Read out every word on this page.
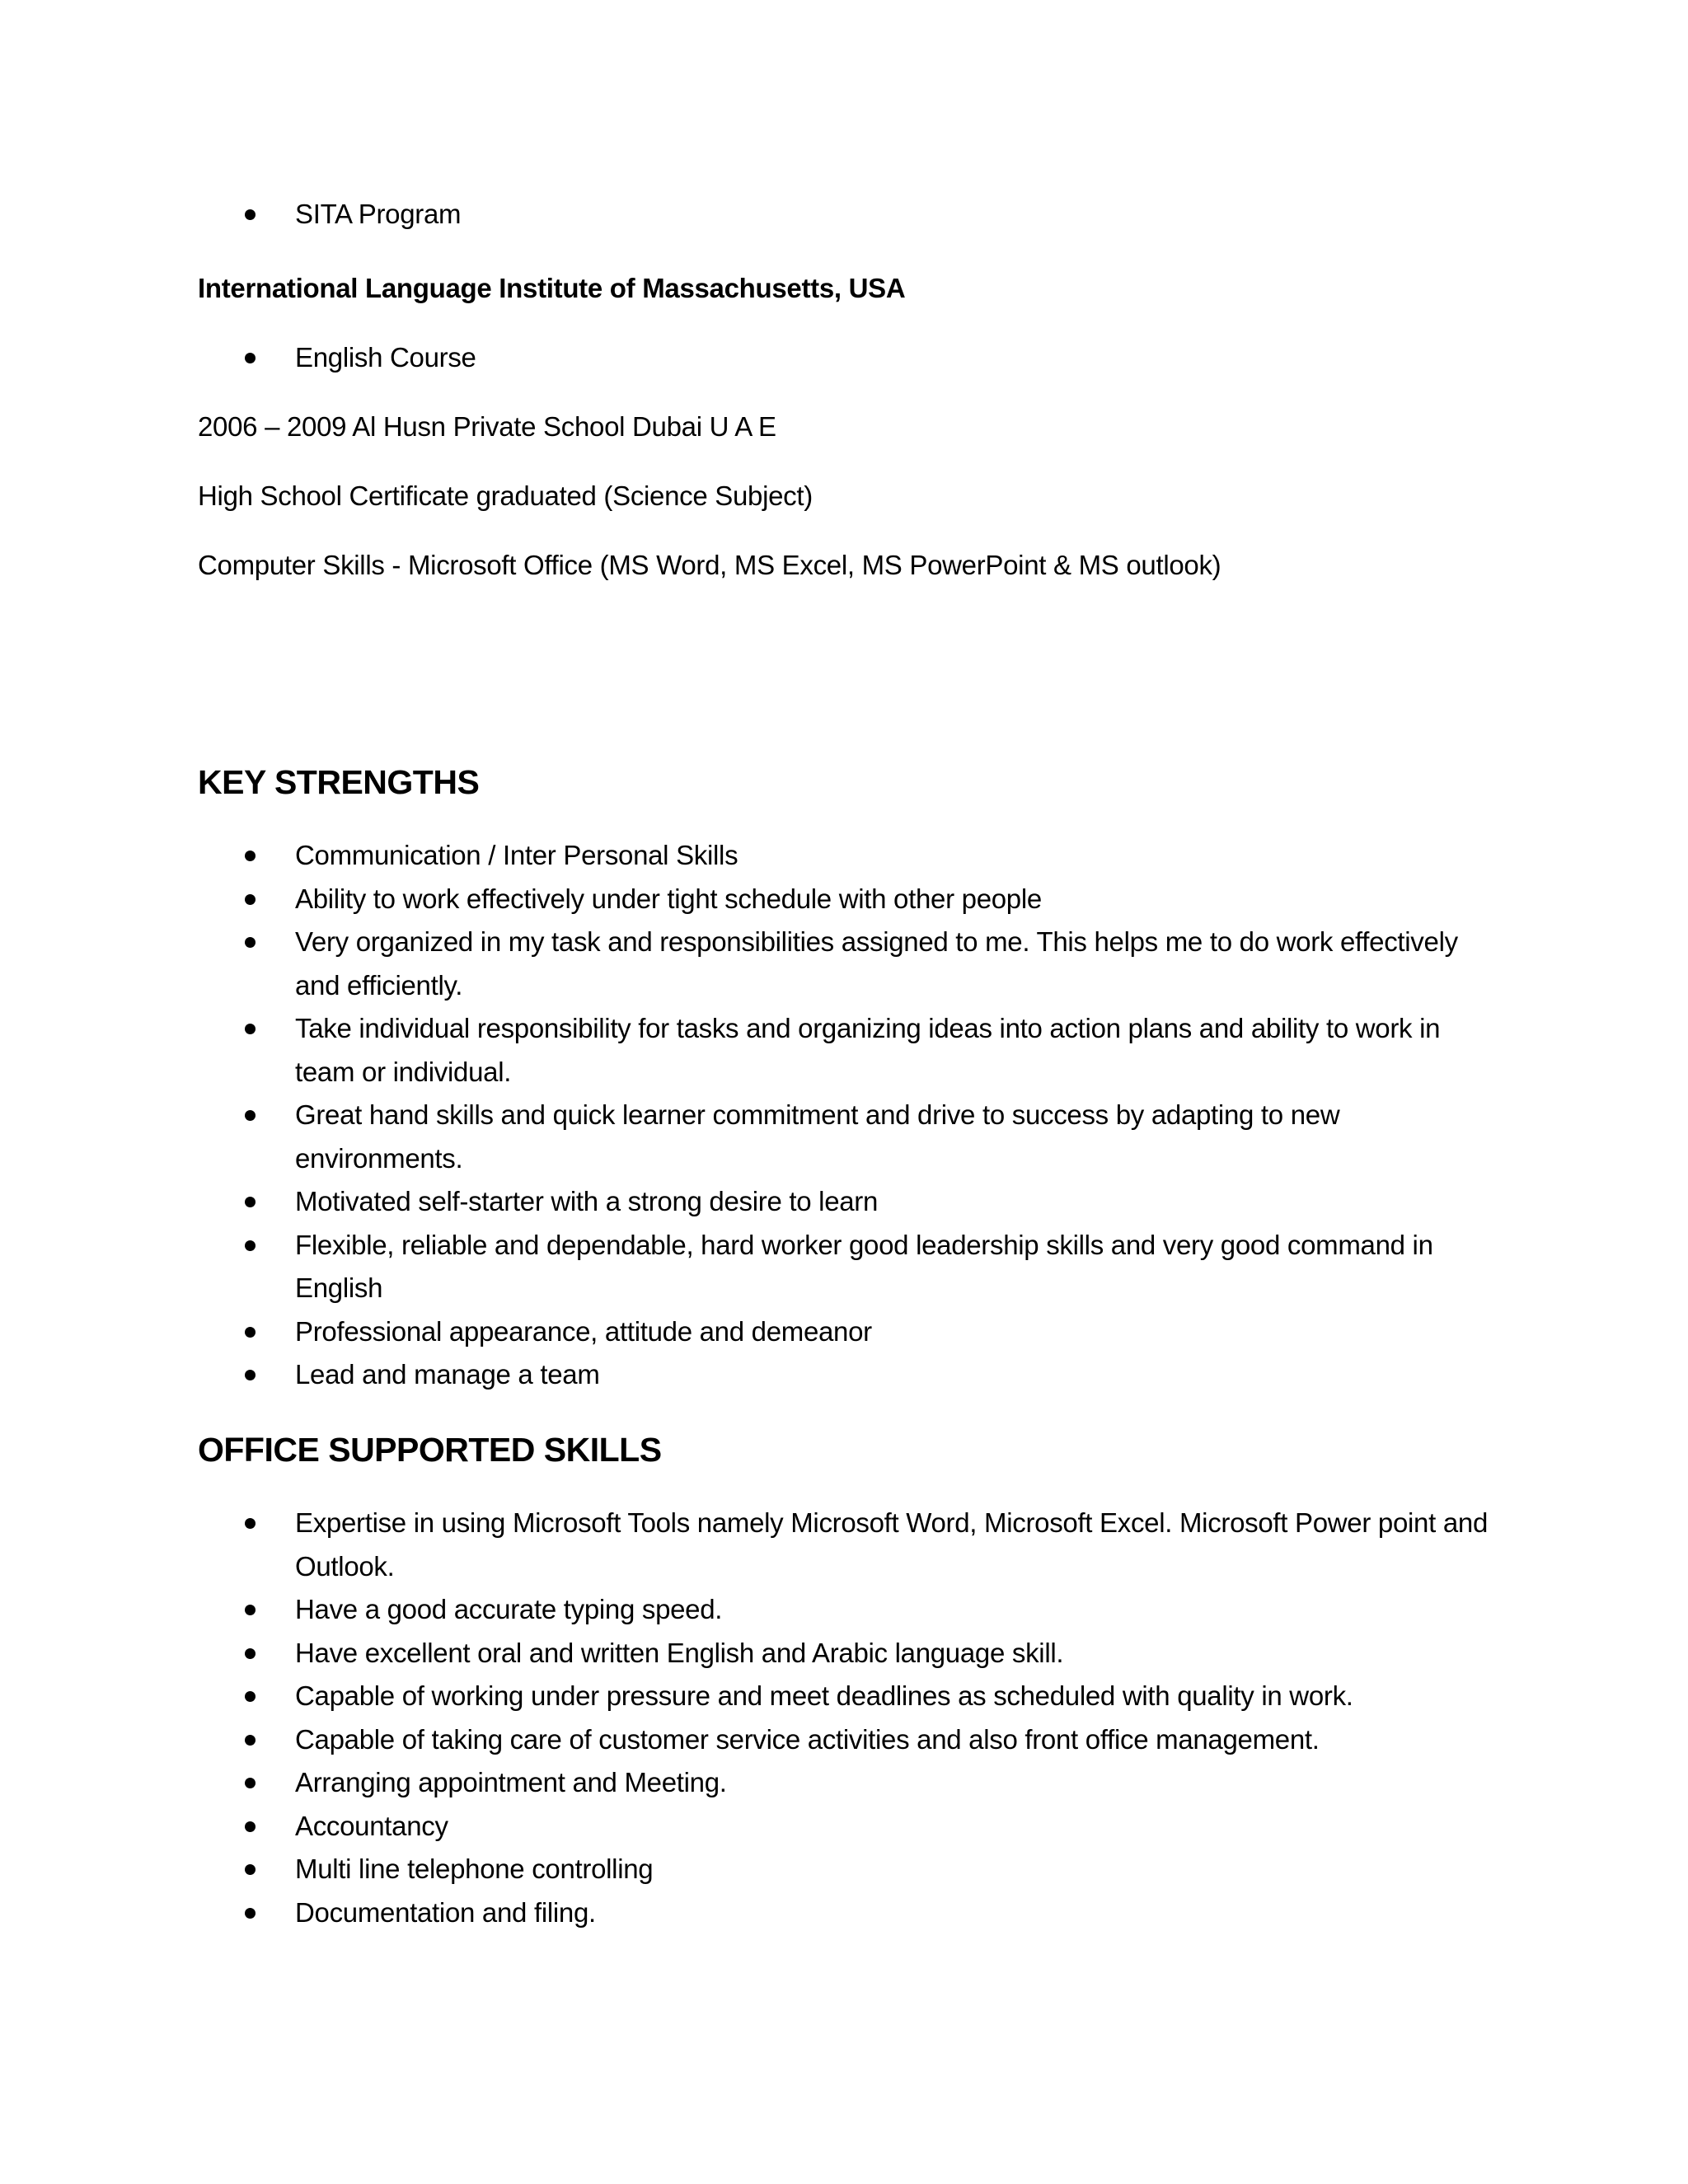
SITA Program
International Language Institute of Massachusetts, USA
English Course
2006 – 2009 Al Husn Private School Dubai U A E
High School Certificate graduated (Science Subject)
Computer Skills - Microsoft Office (MS Word, MS Excel, MS PowerPoint & MS outlook)
KEY STRENGTHS
Communication / Inter Personal Skills
Ability to work effectively under tight schedule with other people
Very organized in my task and responsibilities assigned to me. This helps me to do work effectively and efficiently.
Take individual responsibility for tasks and organizing ideas into action plans and ability to work in team or individual.
Great hand skills and quick learner commitment and drive to success by adapting to new environments.
Motivated self-starter with a strong desire to learn
Flexible, reliable and dependable, hard worker good leadership skills and very good command in English
Professional appearance, attitude and demeanor
Lead and manage a team
OFFICE SUPPORTED SKILLS
Expertise in using Microsoft Tools namely Microsoft Word, Microsoft Excel. Microsoft Power point and Outlook.
Have a good accurate typing speed.
Have excellent oral and written English and Arabic language skill.
Capable of working under pressure and meet deadlines as scheduled with quality in work.
Capable of taking care of customer service activities and also front office management.
Arranging appointment and Meeting.
Accountancy
Multi line telephone controlling
Documentation and filing.
